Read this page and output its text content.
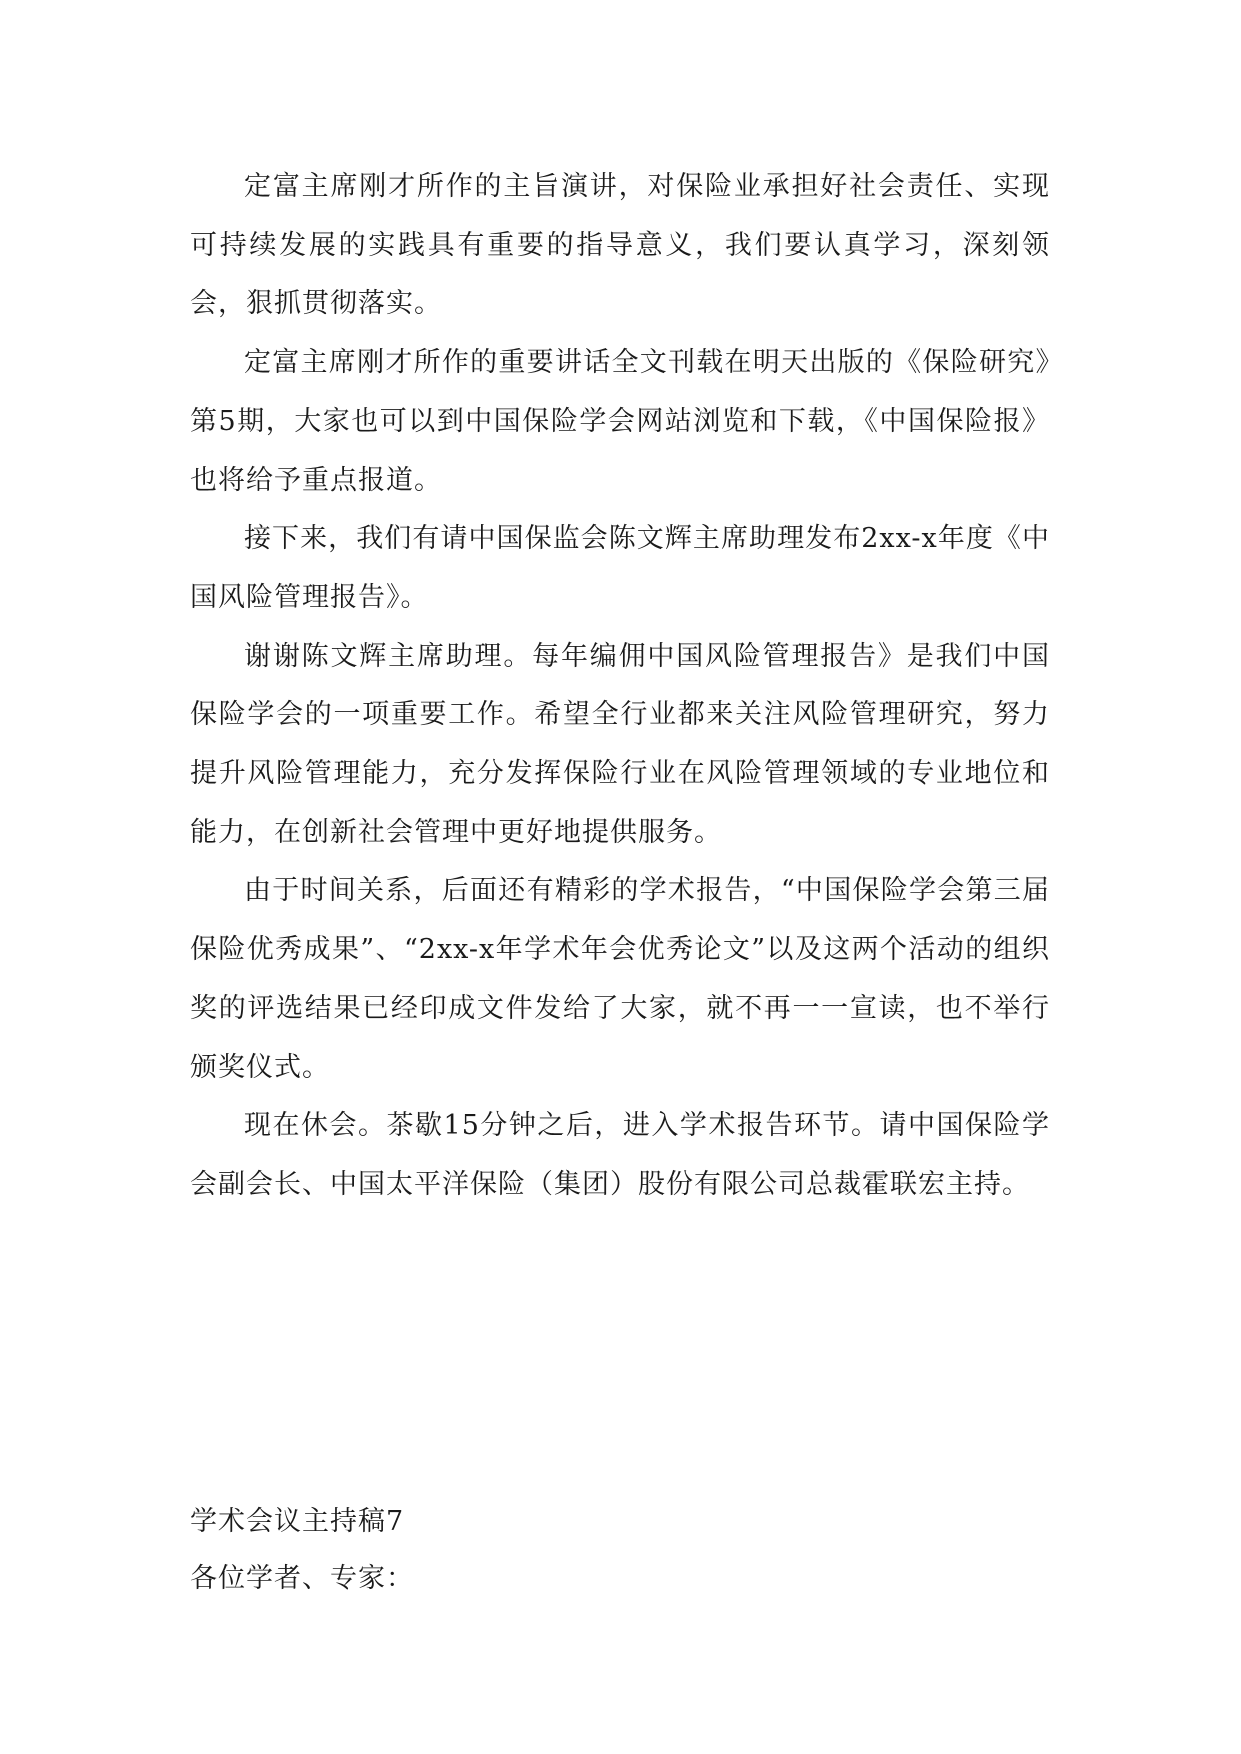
定富主席刚才所作的主旨演讲，对保险业承担好社会责任、实现可持续发展的实践具有重要的指导意义，我们要认真学习，深刻领会，狠抓贯彻落实。

定富主席刚才所作的重要讲话全文刊载在明天出版的《保险研究》第5期，大家也可以到中国保险学会网站浏览和下载，《中国保险报》也将给予重点报道。

接下来，我们有请中国保监会陈文辉主席助理发布2xx-x年度《中国风险管理报告》。

谢谢陈文辉主席助理。每年编佣中国风险管理报告》是我们中国保险学会的一项重要工作。希望全行业都来关注风险管理研究，努力提升风险管理能力，充分发挥保险行业在风险管理领域的专业地位和能力，在创新社会管理中更好地提供服务。

由于时间关系，后面还有精彩的学术报告，“中国保险学会第三届保险优秀成果”、“2xx-x年学术年会优秀论文”以及这两个活动的组织奖的评选结果已经印成文件发给了大家，就不再一一宣读，也不举行颁奖仪式。

现在休会。茶歇15分钟之后，进入学术报告环节。请中国保险学会副会长、中国太平洋保险（集团）股份有限公司总裁霍联宏主持。

学术会议主持稿7
各位学者、专家：
